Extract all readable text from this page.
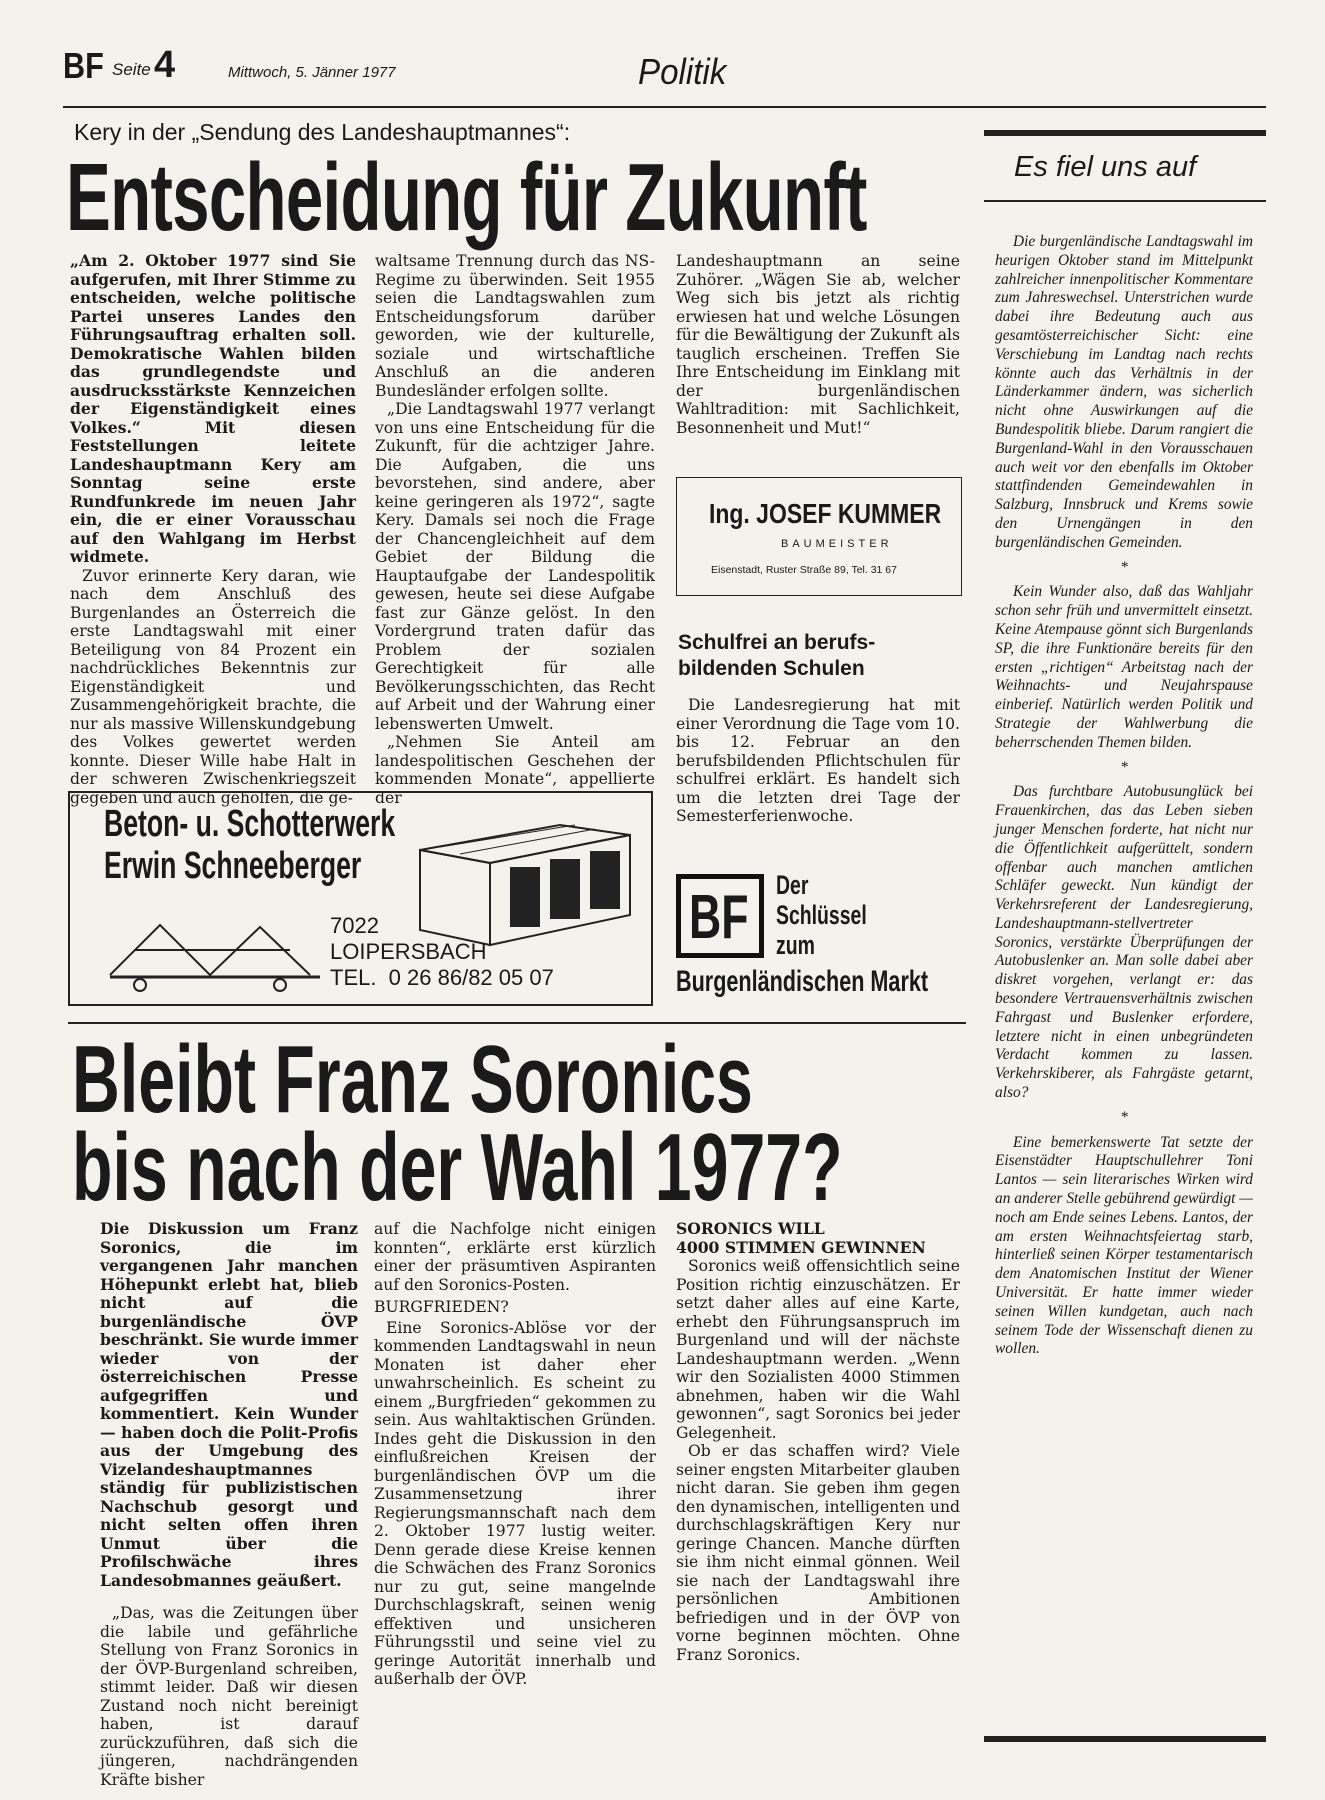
BF Seite 4	Mittwoch, 5. Jänner 1977	Politik
Kery in der „Sendung des Landeshauptmannes“:
Entscheidung für Zukunft

„Am 2. Oktober 1977 sind Sie aufgerufen, mit Ihrer Stimme zu entscheiden, welche politische Partei unseres Landes den Führungsauftrag erhalten soll. Demokratische Wahlen bilden das grundlegendste und ausdrucksstärkste Kennzeichen der Eigenständigkeit eines Volkes.“ Mit diesen Feststellungen leitete Landeshauptmann Kery am Sonntag seine erste Rundfunkrede im neuen Jahr ein, die er einer Vorausschau auf den Wahlgang im Herbst widmete.

Zuvor erinnerte Kery daran, wie nach dem Anschluß des Burgenlandes an Österreich die erste Landtagswahl mit einer Beteiligung von 84 Prozent ein nachdrückliches Bekenntnis zur Eigenständigkeit und Zusammengehörigkeit brachte, die nur als massive Willenskundgebung des Volkes gewertet werden konnte. Dieser Wille habe Halt in der schweren Zwischenkriegszeit gegeben und auch geholfen, die ge-

waltsame Trennung durch das NS-Regime zu überwinden. Seit 1955 seien die Landtagswahlen zum Entscheidungsforum darüber geworden, wie der kulturelle, soziale und wirtschaftliche Anschluß an die anderen Bundesländer erfolgen sollte.

„Die Landtagswahl 1977 verlangt von uns eine Entscheidung für die Zukunft, für die achtziger Jahre. Die Aufgaben, die uns bevorstehen, sind andere, aber keine geringeren als 1972“, sagte Kery. Damals sei noch die Frage der Chancengleichheit auf dem Gebiet der Bildung die Hauptaufgabe der Landespolitik gewesen, heute sei diese Aufgabe fast zur Gänze gelöst. In den Vordergrund traten dafür das Problem der sozialen Gerechtigkeit für alle Bevölkerungsschichten, das Recht auf Arbeit und der Wahrung einer lebenswerten Umwelt.

„Nehmen Sie Anteil am landespolitischen Geschehen der kommenden Monate“, appellierte der

Landeshauptmann an seine Zuhörer. „Wägen Sie ab, welcher Weg sich bis jetzt als richtig erwiesen hat und welche Lösungen für die Bewältigung der Zukunft als tauglich erscheinen. Treffen Sie Ihre Entscheidung im Einklang mit der burgenländischen Wahltradition: mit Sachlichkeit, Besonnenheit und Mut!“

Ing. JOSEF KUMMER
BAUMEISTER
Eisenstadt, Ruster Straße 89, Tel. 31 67
Schulfrei an berufs-
bildenden Schulen

Die Landesregierung hat mit einer Verordnung die Tage vom 10. bis 12. Februar an den berufsbildenden Pflichtschulen für schulfrei erklärt. Es handelt sich um die letzten drei Tage der Semesterferienwoche.

Beton- u. Schotterwerk
Erwin Schneeberger
7022
LOIPERSBACH
TEL.  0 26 86/82 05 07
BF Der
Schlüssel
zum
Burgenländischen Markt
Es fiel uns auf

Die burgenländische Landtagswahl im heurigen Oktober stand im Mittelpunkt zahlreicher innenpolitischer Kommentare zum Jahreswechsel. Unterstrichen wurde dabei ihre Bedeutung auch aus gesamtösterreichischer Sicht: eine Verschiebung im Landtag nach rechts könnte auch das Verhältnis in der Länderkammer ändern, was sicherlich nicht ohne Auswirkungen auf die Bundespolitik bliebe. Darum rangiert die Burgenland-Wahl in den Vorausschauen auch weit vor den ebenfalls im Oktober stattfindenden Gemeindewahlen in Salzburg, Innsbruck und Krems sowie den Urnengängen in den burgenländischen Gemeinden.

*

Kein Wunder also, daß das Wahljahr schon sehr früh und unvermittelt einsetzt. Keine Atempause gönnt sich Burgenlands SP, die ihre Funktionäre bereits für den ersten „richtigen“ Arbeitstag nach der Weihnachts- und Neujahrspause einberief. Natürlich werden Politik und Strategie der Wahlwerbung die beherrschenden Themen bilden.

*

Das furchtbare Autobusunglück bei Frauenkirchen, das das Leben sieben junger Menschen forderte, hat nicht nur die Öffentlichkeit aufgerüttelt, sondern offenbar auch manchen amtlichen Schläfer geweckt. Nun kündigt der Verkehrsreferent der Landesregierung, Landeshauptmann-stellvertreter Soronics, verstärkte Überprüfungen der Autobuslenker an. Man solle dabei aber diskret vorgehen, verlangt er: das besondere Vertrauensverhältnis zwischen Fahrgast und Buslenker erfordere, letztere nicht in einen unbegründeten Verdacht kommen zu lassen. Verkehrskiberer, als Fahrgäste getarnt, also?

*

Eine bemerkenswerte Tat setzte der Eisenstädter Hauptschullehrer Toni Lantos — sein literarisches Wirken wird an anderer Stelle gebührend gewürdigt — noch am Ende seines Lebens. Lantos, der am ersten Weihnachtsfeiertag starb, hinterließ seinen Körper testamentarisch dem Anatomischen Institut der Wiener Universität. Er hatte immer wieder seinen Willen kundgetan, auch nach seinem Tode der Wissenschaft dienen zu wollen.

Bleibt Franz Soronics
bis nach der Wahl 1977?

Die Diskussion um Franz Soronics, die im vergangenen Jahr manchen Höhepunkt erlebt hat, blieb nicht auf die burgenländische ÖVP beschränkt. Sie wurde immer wieder von der österreichischen Presse aufgegriffen und kommentiert. Kein Wunder — haben doch die Polit-Profis aus der Umgebung des Vizelandeshauptmannes ständig für publizistischen Nachschub gesorgt und nicht selten offen ihren Unmut über die Profilschwäche ihres Landesobmannes geäußert.

„Das, was die Zeitungen über die labile und gefährliche Stellung von Franz Soronics in der ÖVP-Burgenland schreiben, stimmt leider. Daß wir diesen Zustand noch nicht bereinigt haben, ist darauf zurückzuführen, daß sich die jüngeren, nachdrängenden Kräfte bisher

auf die Nachfolge nicht einigen konnten“, erklärte erst kürzlich einer der präsumtiven Aspiranten auf den Soronics-Posten.

BURGFRIEDEN?

Eine Soronics-Ablöse vor der kommenden Landtagswahl in neun Monaten ist daher eher unwahrscheinlich. Es scheint zu einem „Burgfrieden“ gekommen zu sein. Aus wahltaktischen Gründen. Indes geht die Diskussion in den einflußreichen Kreisen der burgenländischen ÖVP um die Zusammensetzung ihrer Regierungsmannschaft nach dem 2. Oktober 1977 lustig weiter. Denn gerade diese Kreise kennen die Schwächen des Franz Soronics nur zu gut, seine mangelnde Durchschlagskraft, seinen wenig effektiven und unsicheren Führungsstil und seine viel zu geringe Autorität innerhalb und außerhalb der ÖVP.

SORONICS WILL
4000 STIMMEN GEWINNEN

Soronics weiß offensichtlich seine Position richtig einzuschätzen. Er setzt daher alles auf eine Karte, erhebt den Führungsanspruch im Burgenland und will der nächste Landeshauptmann werden. „Wenn wir den Sozialisten 4000 Stimmen abnehmen, haben wir die Wahl gewonnen“, sagt Soronics bei jeder Gelegenheit.

Ob er das schaffen wird? Viele seiner engsten Mitarbeiter glauben nicht daran. Sie geben ihm gegen den dynamischen, intelligenten und durchschlagskräftigen Kery nur geringe Chancen. Manche dürften sie ihm nicht einmal gönnen. Weil sie nach der Landtagswahl ihre persönlichen Ambitionen befriedigen und in der ÖVP von vorne beginnen möchten. Ohne Franz Soronics.
